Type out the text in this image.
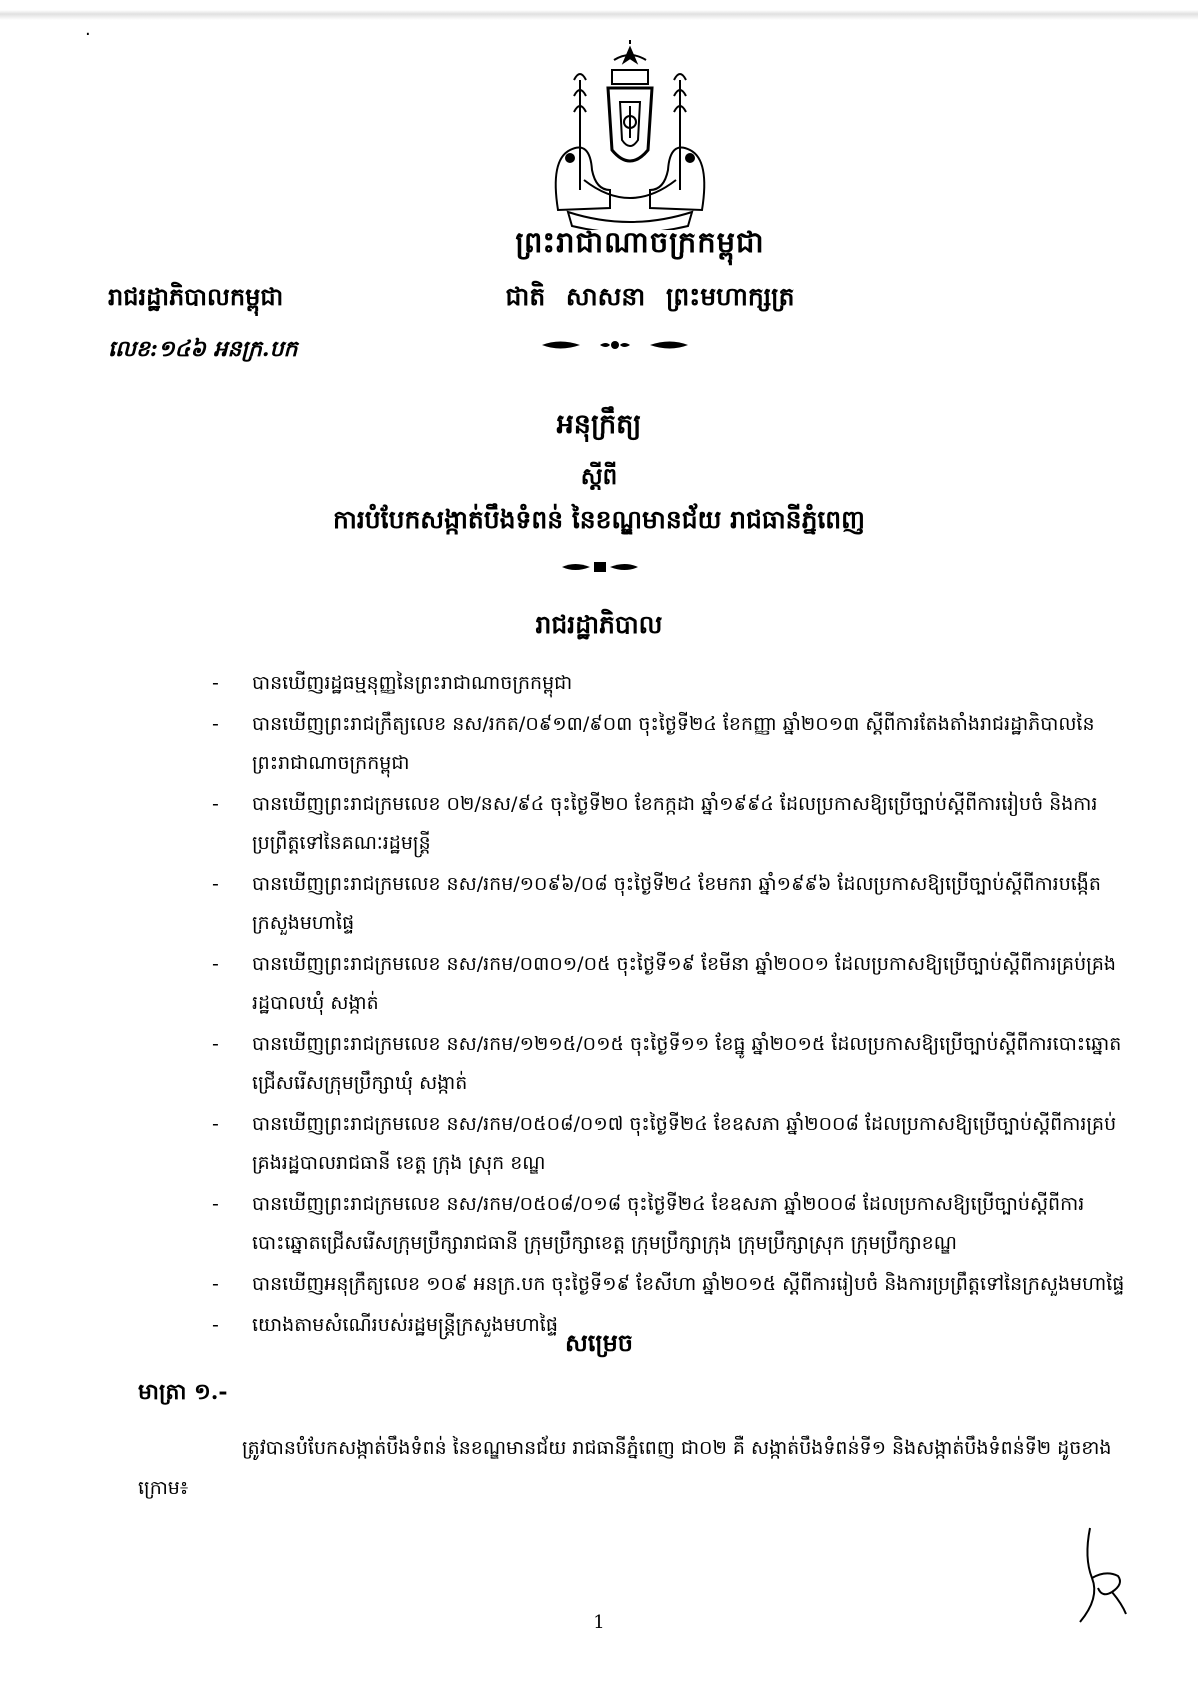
·
ព្រះរាជាណាចក្រកម្ពុជា
រាជរដ្ឋាភិបាលកម្ពុជា	ជាតិ សាសនា ព្រះមហាក្សត្រ
លេខ:១៤៦ អនក្រ.បក
អនុក្រឹត្យ
ស្តីពី
ការបំបែកសង្កាត់បឹងទំពន់ នៃខណ្ឌមានជ័យ រាជធានីភ្នំពេញ
រាជរដ្ឋាភិបាល
- បានឃើញរដ្ឋធម្មនុញ្ញនៃព្រះរាជាណាចក្រកម្ពុជា
- បានឃើញព្រះរាជក្រឹត្យលេខ នស/រកត/០៩១៣/៩០៣ ចុះថ្ងៃទី២៤ ខែកញ្ញា ឆ្នាំ២០១៣ ស្តីពីការតែងតាំងរាជរដ្ឋាភិបាលនៃព្រះរាជាណាចក្រកម្ពុជា
- បានឃើញព្រះរាជក្រមលេខ ០២/នស/៩៤ ចុះថ្ងៃទី២០ ខែកក្កដា ឆ្នាំ១៩៩៤ ដែលប្រកាសឱ្យប្រើច្បាប់ស្តីពីការរៀបចំ និងការប្រព្រឹត្តទៅនៃគណៈរដ្ឋមន្ត្រី
- បានឃើញព្រះរាជក្រមលេខ នស/រកម/១០៩៦/០៨ ចុះថ្ងៃទី២៤ ខែមករា ឆ្នាំ១៩៩៦ ដែលប្រកាសឱ្យប្រើច្បាប់ស្តីពីការបង្កើតក្រសួងមហាផ្ទៃ
- បានឃើញព្រះរាជក្រមលេខ នស/រកម/០៣០១/០៥ ចុះថ្ងៃទី១៩ ខែមីនា ឆ្នាំ២០០១ ដែលប្រកាសឱ្យប្រើច្បាប់ស្តីពីការគ្រប់គ្រងរដ្ឋបាលឃុំ សង្កាត់
- បានឃើញព្រះរាជក្រមលេខ នស/រកម/១២១៥/០១៥ ចុះថ្ងៃទី១១ ខែធ្នូ ឆ្នាំ២០១៥ ដែលប្រកាសឱ្យប្រើច្បាប់ស្តីពីការបោះឆ្នោតជ្រើសរើសក្រុមប្រឹក្សាឃុំ សង្កាត់
- បានឃើញព្រះរាជក្រមលេខ នស/រកម/០៥០៨/០១៧ ចុះថ្ងៃទី២៤ ខែឧសភា ឆ្នាំ២០០៨ ដែលប្រកាសឱ្យប្រើច្បាប់ស្តីពីការគ្រប់គ្រងរដ្ឋបាលរាជធានី ខេត្ត ក្រុង ស្រុក ខណ្ឌ
- បានឃើញព្រះរាជក្រមលេខ នស/រកម/០៥០៨/០១៨ ចុះថ្ងៃទី២៤ ខែឧសភា ឆ្នាំ២០០៨ ដែលប្រកាសឱ្យប្រើច្បាប់ស្តីពីការបោះឆ្នោតជ្រើសរើសក្រុមប្រឹក្សារាជធានី ក្រុមប្រឹក្សាខេត្ត ក្រុមប្រឹក្សាក្រុង ក្រុមប្រឹក្សាស្រុក ក្រុមប្រឹក្សាខណ្ឌ
- បានឃើញអនុក្រឹត្យលេខ ១០៩ អនក្រ.បក ចុះថ្ងៃទី១៩ ខែសីហា ឆ្នាំ២០១៥ ស្តីពីការរៀបចំ និងការប្រព្រឹត្តទៅនៃក្រសួងមហាផ្ទៃ
- យោងតាមសំណើរបស់រដ្ឋមន្ត្រីក្រសួងមហាផ្ទៃ
សម្រេច
មាត្រា ១.-
ត្រូវបានបំបែកសង្កាត់បឹងទំពន់ នៃខណ្ឌមានជ័យ រាជធានីភ្នំពេញ ជា០២ គឺ សង្កាត់បឹងទំពន់ទី១ និងសង្កាត់បឹងទំពន់ទី២ ដូចខាងក្រោម៖
1
